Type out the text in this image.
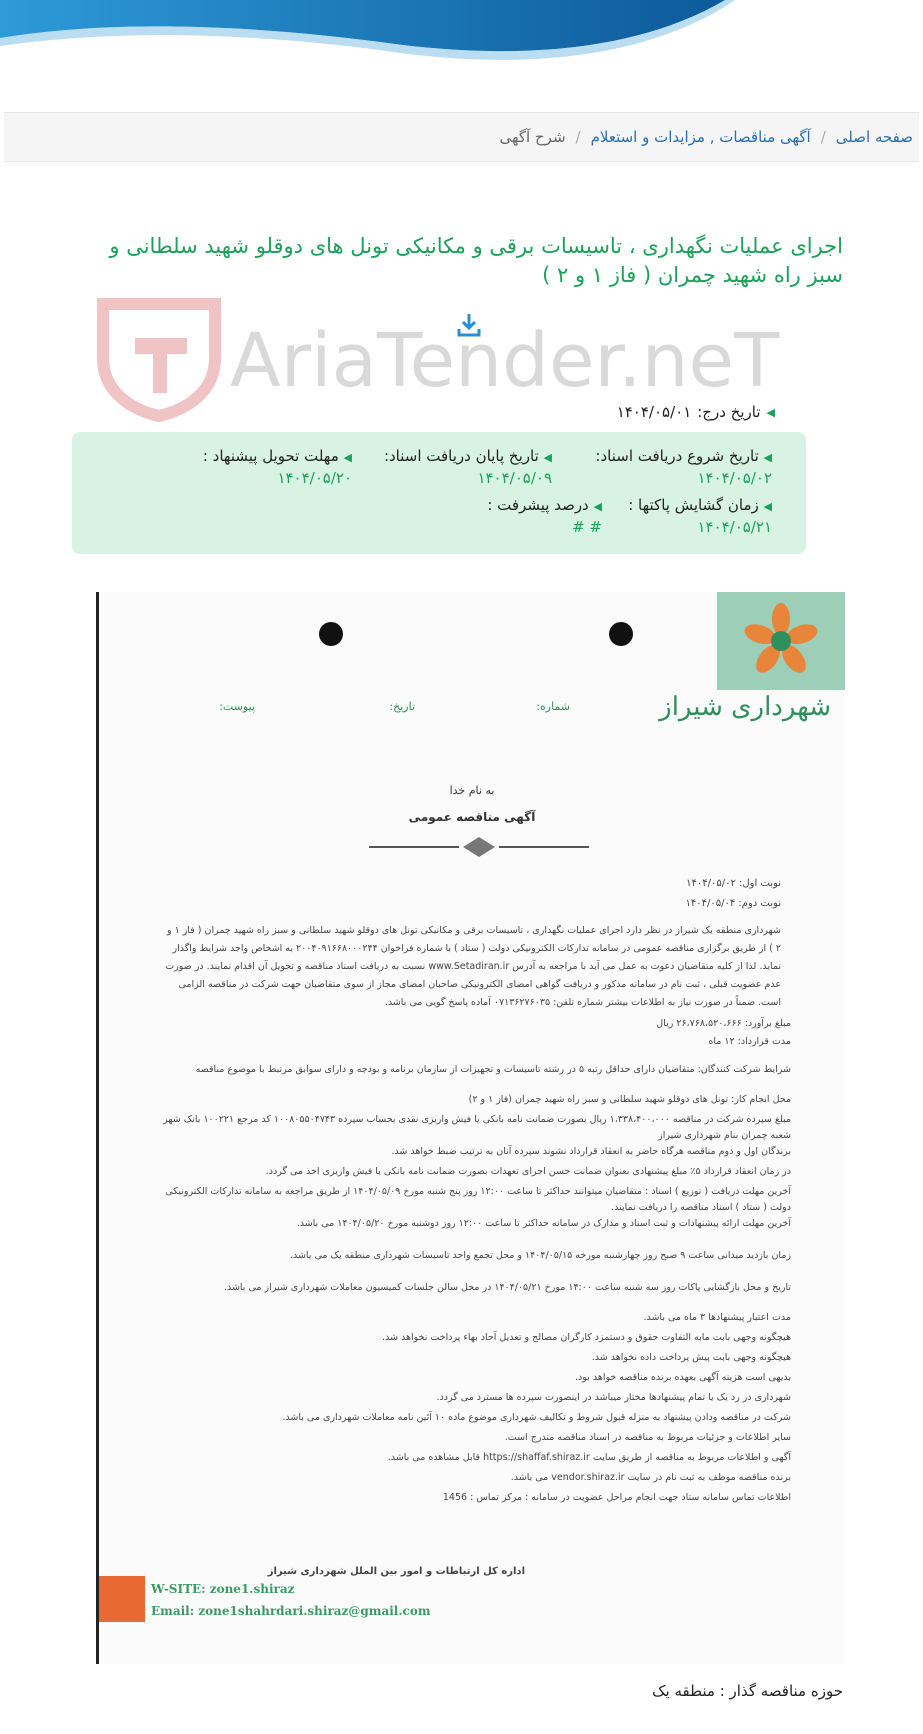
صفحه اصلی
/
آگهی مناقصات , مزایدات و استعلام
/
شرح آگهی
اجرای عملیات نگهداری ، تاسیسات برقی و مکانیکی تونل های دوقلو شهید سلطانی و سبز راه شهید چمران ( فاز ۱ و ۲ )
AriaTender.neT
◀
تاریخ درج:
۱۴۰۴/۰۵/۰۱
◀ تاریخ شروع دریافت اسناد:
۱۴۰۴/۰۵/۰۲
◀ تاریخ پایان دریافت اسناد:
۱۴۰۴/۰۵/۰۹
◀ مهلت تحویل پیشنهاد :
۱۴۰۴/۰۵/۲۰
◀ زمان گشایش پاکتها :
۱۴۰۴/۰۵/۲۱
◀ درصد پیشرفت :
# #
شهرداری شیراز
شماره:
تاریخ:
پیوست:
به نام خدا
آگهی مناقصه عمومی
نوبت اول: ۱۴۰۴/۰۵/۰۲
نوبت دوم: ۱۴۰۴/۰۵/۰۴
شهرداری منطقه یک شیراز در نظر دارد اجرای عملیات نگهداری ، تاسیسات برقی و مکانیکی تونل های دوقلو شهید سلطانی و سبز راه شهید چمران ( فاز ۱ و ۲ ) از طریق برگزاری مناقصه عمومی در سامانه تدارکات الکترونیکی دولت ( ستاد ) با شماره فراخوان ۲۰۰۴۰۹۱۶۶۸۰۰۰۲۴۴ به اشخاص واجد شرایط واگذار نماید. لذا از کلیه متقاضیان دعوت به عمل می آید با مراجعه به آدرس www.Setadiran.ir نسبت به دریافت اسناد مناقصه و تحویل آن اقدام نمایند. در صورت عدم عضویت قبلی ، ثبت نام در سامانه مذکور و دریافت گواهی امضای الکترونیکی صاحبان امضای مجاز از سوی متقاضیان جهت شرکت در مناقصه الزامی است. ضمناً در صورت نیاز به اطلاعات بیشتر شماره تلفن: ۰۷۱۳۶۲۷۶۰۳۵ آماده پاسخ گویی می باشد.
مبلغ برآورد: ۲۶،۷۶۸،۵۲۰،۶۶۶ ریال
مدت قرارداد: ۱۲ ماه
شرایط شرکت کنندگان: متقاضیان دارای حداقل رتبه ۵ در رشته تاسیسات و تجهیزات از سازمان برنامه و بودجه و دارای سوابق مرتبط با موضوع مناقصه
محل انجام کار: تونل های دوقلو شهید سلطانی و سبز راه شهید چمران (فاز ۱ و ۲)
مبلغ سپرده شرکت در مناقصه ۱،۳۳۸،۴۰۰،۰۰۰ ریال بصورت ضمانت نامه بانکی یا فیش واریزی نقدی بحساب سپرده ۱۰۰۸۰۵۵۰۴۷۴۳ کد مرجع ۱۰۰۲۲۱ بانک شهر شعبه چمران بنام شهرداری شیراز
برندگان اول و دوم مناقصه هرگاه حاضر به انعقاد قرارداد نشوند سپرده آنان به ترتیب ضبط خواهد شد.
در زمان انعقاد قرارداد ۵٪ مبلغ پیشنهادی بعنوان ضمانت حسن اجرای تعهدات بصورت ضمانت نامه بانکی یا فیش واریزی اخذ می گردد.
آخرین مهلت دریافت ( توزیع ) اسناد : متقاضیان میتوانند حداکثر تا ساعت ۱۲:۰۰ روز پنج شنبه مورخ ۱۴۰۴/۰۵/۰۹ از طریق مراجعه به سامانه تدارکات الکترونیکی دولت ( ستاد ) اسناد مناقصه را دریافت نمایند.
آخرین مهلت ارائه پیشنهادات و ثبت اسناد و مدارک در سامانه حداکثر تا ساعت ۱۲:۰۰ روز دوشنبه مورخ ۱۴۰۴/۰۵/۲۰ می باشد.
زمان بازدید میدانی ساعت ۹ صبح روز چهارشنبه مورخه ۱۴۰۴/۰۵/۱۵ و محل تجمع واحد تاسیسات شهرداری منطقه یک می باشد.
تاریخ و محل بازگشایی پاکات روز سه شنبه ساعت ۱۴:۰۰ مورخ ۱۴۰۴/۰۵/۲۱ در محل سالن جلسات کمیسیون معاملات شهرداری شیراز می باشد.
مدت اعتبار پیشنهادها ۳ ماه می باشد.
هیچگونه وجهی بابت مابه التفاوت حقوق و دستمزد کارگران مصالح و تعدیل آحاد بهاء پرداخت نخواهد شد.
هیچگونه وجهی بابت پیش پرداخت داده نخواهد شد.
بدیهی است هزینه آگهی بعهده برنده مناقصه خواهد بود.
شهرداری در رد یک یا تمام پیشنهادها مختار میباشد در اینصورت سپرده ها مسترد می گردد.
شرکت در مناقصه ودادن پیشنهاد به منزله قبول شروط و تکالیف شهرداری موضوع ماده ۱۰ آئین نامه معاملات شهرداری می باشد.
سایر اطلاعات و جزئیات مربوط به مناقصه در اسناد مناقصه مندرج است.
آگهی و اطلاعات مربوط به مناقصه از طریق سایت https://shaffaf.shiraz.ir قابل مشاهده می باشد.
برنده مناقصه موظف به ثبت نام در سایت vendor.shiraz.ir می باشد.
اطلاعات تماس سامانه ستاد جهت انجام مراحل عضویت در سامانه : مرکز تماس : 1456
اداره کل ارتباطات و امور بین الملل شهرداری شیراز
W-SITE: zone1.shiraz
Email: zone1shahrdari.shiraz@gmail.com
حوزه مناقصه گذار : منطقه یک
